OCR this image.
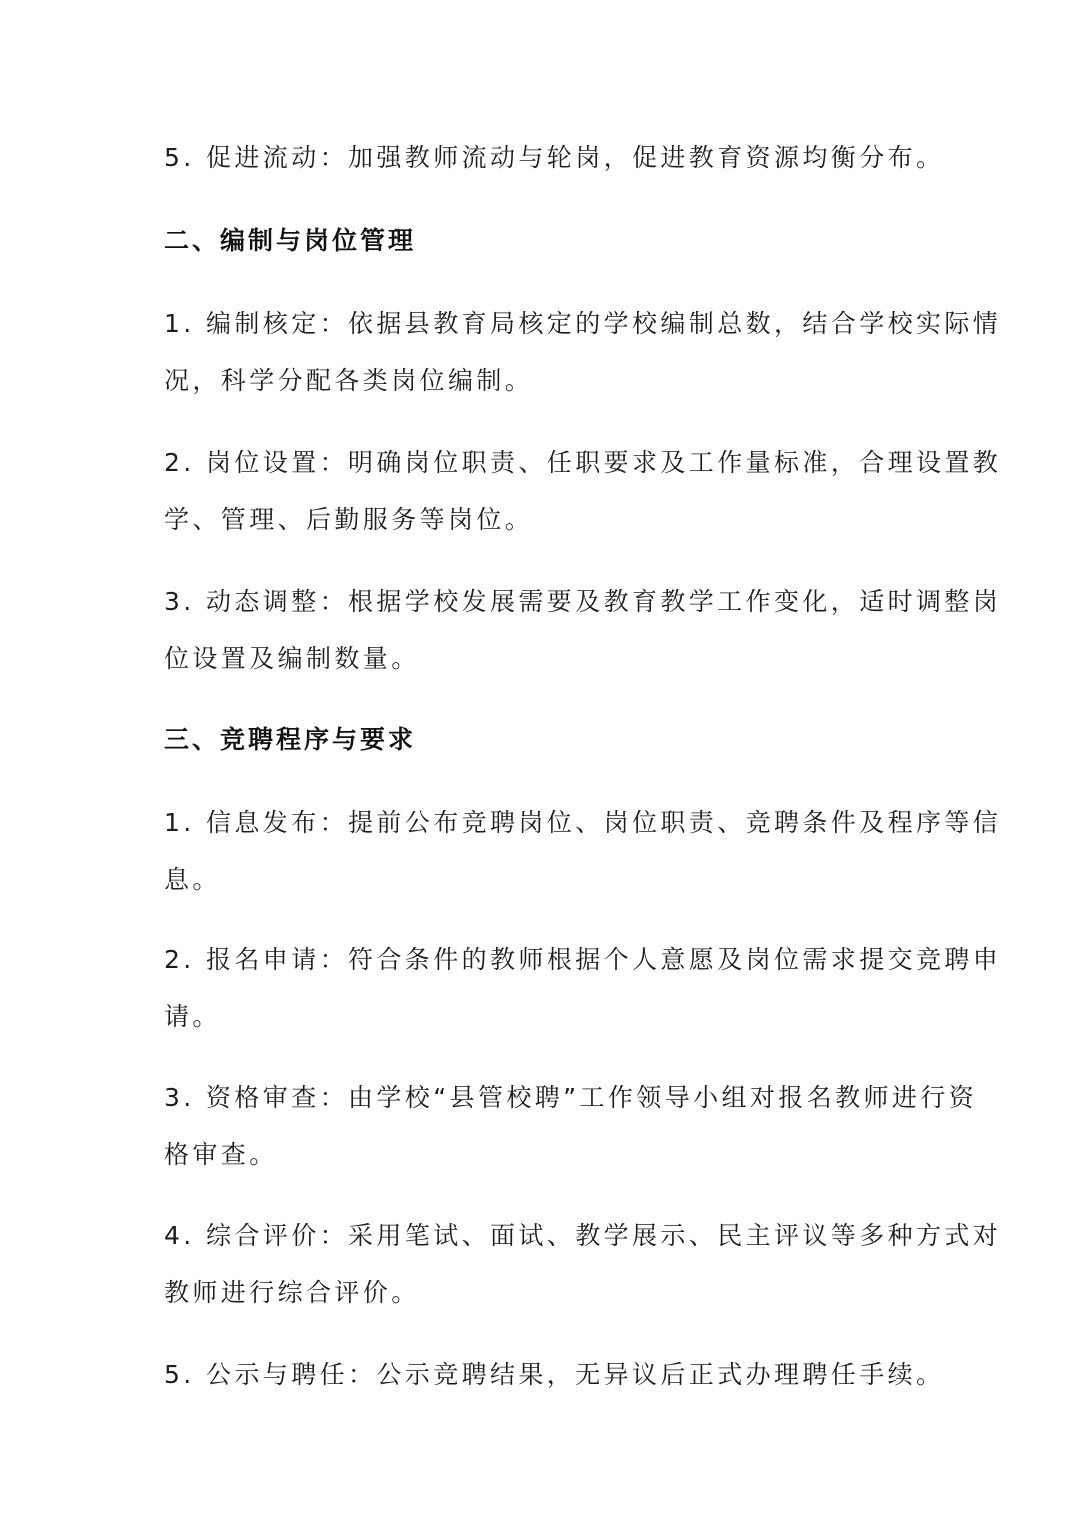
5. 促进流动：加强教师流动与轮岗，促进教育资源均衡分布。
二、编制与岗位管理
1. 编制核定：依据县教育局核定的学校编制总数，结合学校实际情
况，科学分配各类岗位编制。
2. 岗位设置：明确岗位职责、任职要求及工作量标准，合理设置教
学、管理、后勤服务等岗位。
3. 动态调整：根据学校发展需要及教育教学工作变化，适时调整岗
位设置及编制数量。
三、竞聘程序与要求
1. 信息发布：提前公布竞聘岗位、岗位职责、竞聘条件及程序等信
息。
2. 报名申请：符合条件的教师根据个人意愿及岗位需求提交竞聘申
请。
3. 资格审查：由学校“县管校聘”工作领导小组对报名教师进行资
格审查。
4. 综合评价：采用笔试、面试、教学展示、民主评议等多种方式对
教师进行综合评价。
5. 公示与聘任：公示竞聘结果，无异议后正式办理聘任手续。
